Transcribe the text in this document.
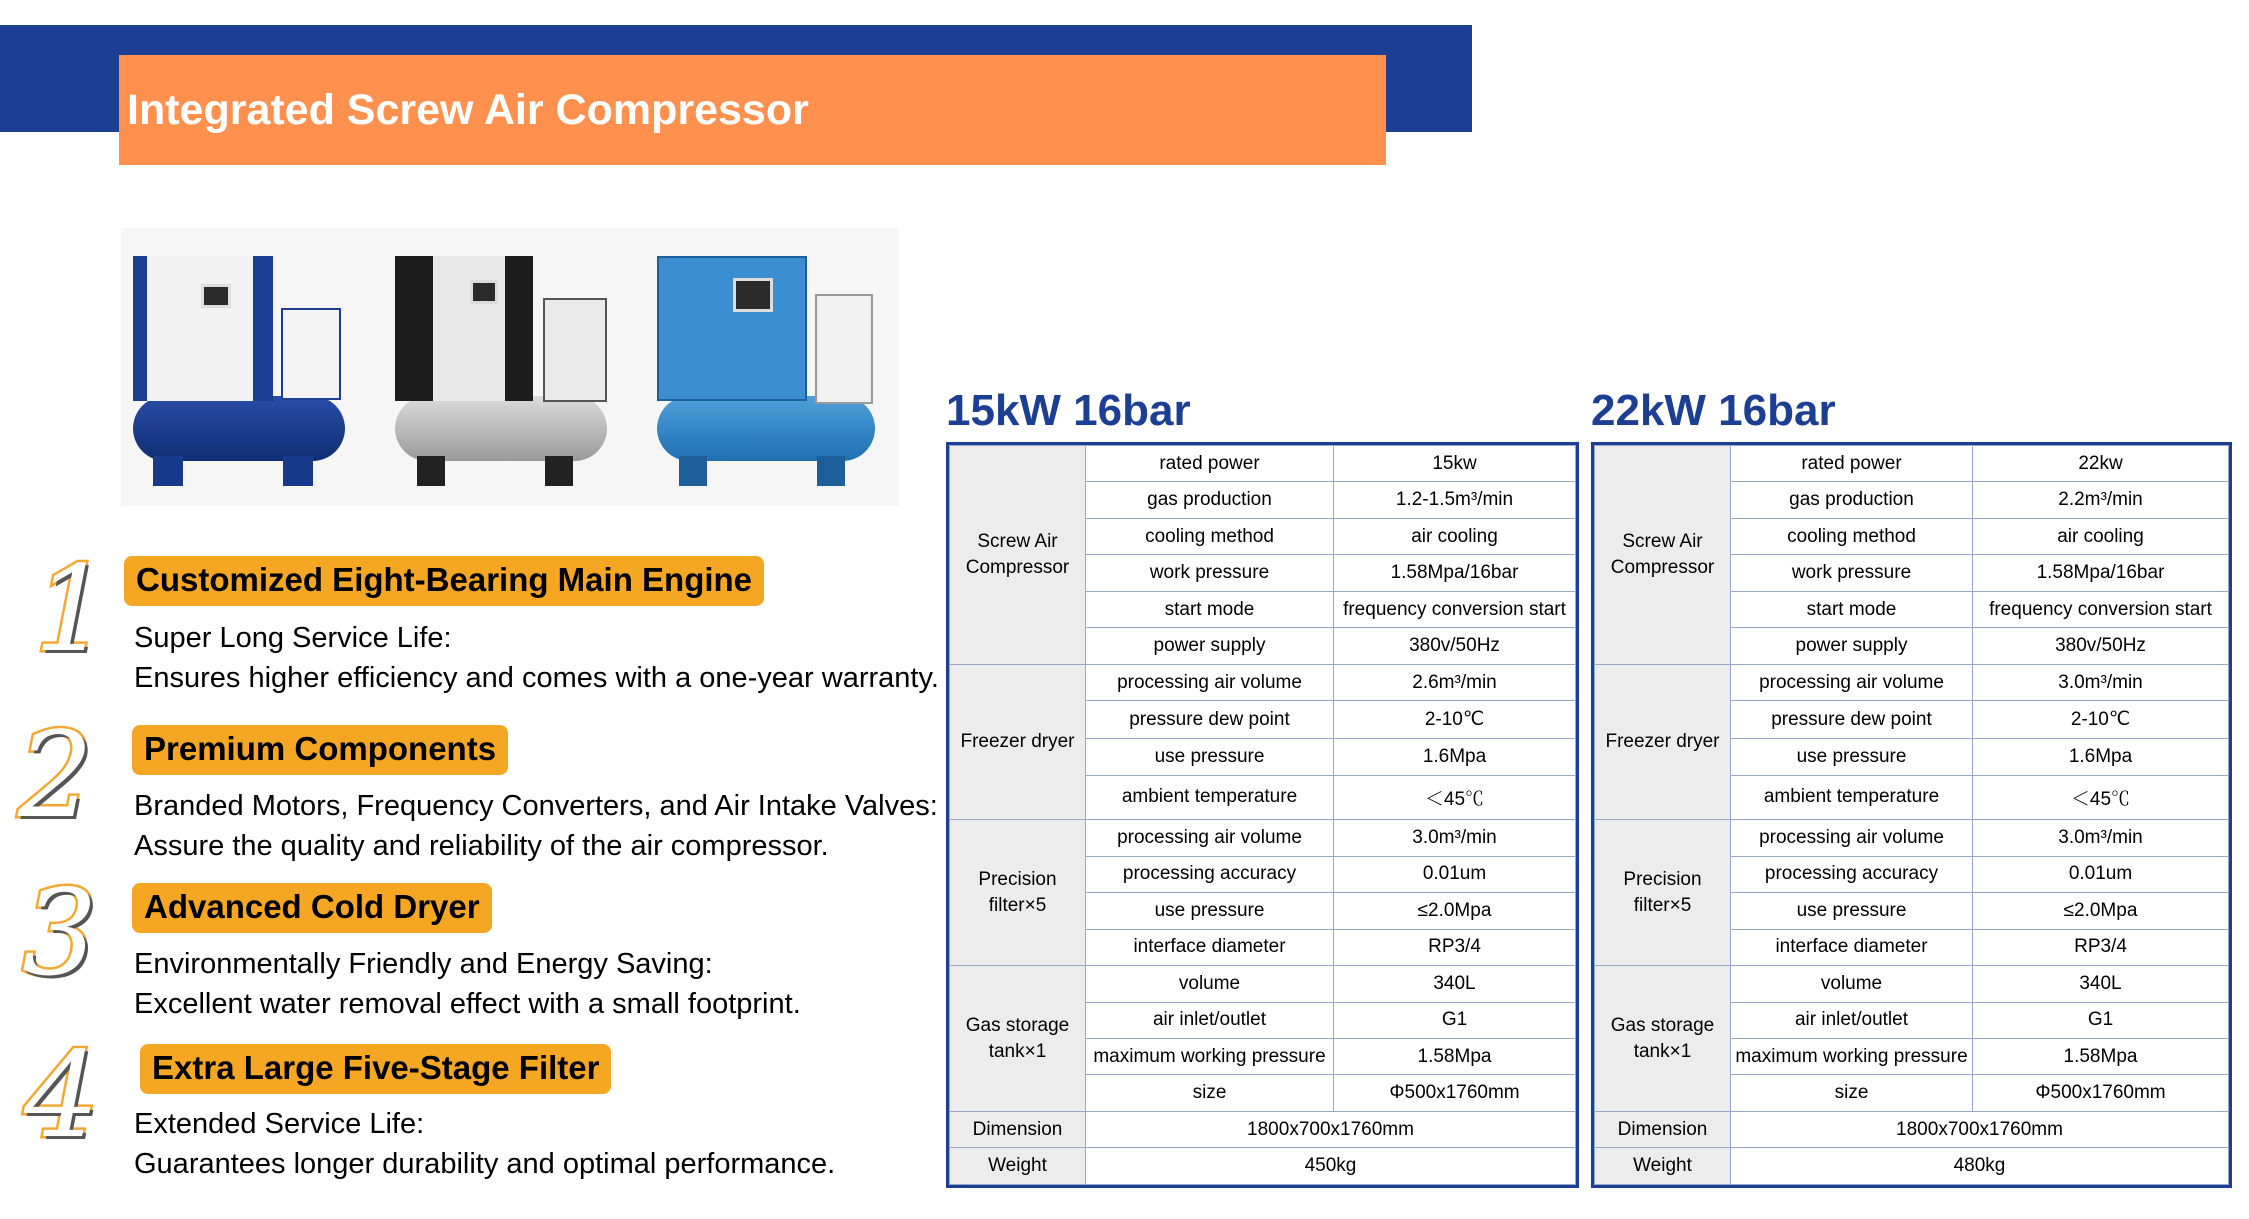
Integrated Screw Air Compressor
1 Customized Eight-Bearing Main Engine
Super Long Service Life:
Ensures higher efficiency and comes with a one-year warranty.
2	Premium Components
Branded Motors, Frequency Converters, and Air Intake Valves:
Assure the quality and reliability of the air compressor.
3	Advanced Cold Dryer
Environmentally Friendly and Energy Saving:
Excellent water removal effect with a small footprint.
4	Extra Large Five-Stage Filter
Extended Service Life:
Guarantees longer durability and optimal performance.
15kW 16bar
Screw Air Compressor	rated power	15kw
	gas production	1.2-1.5m³/min
	cooling method	air cooling
	work pressure	1.58Mpa/16bar
	start mode	frequency conversion start
	power supply	380v/50Hz
Freezer dryer	processing air volume	2.6m³/min
	pressure dew point	2-10℃
	use pressure	1.6Mpa
	ambient temperature	＜45℃
Precision filter×5	processing air volume	3.0m³/min
	processing accuracy	0.01um
	use pressure	≤2.0Mpa
	interface diameter	RP3/4
Gas storage tank×1	volume	340L
	air inlet/outlet	G1
	maximum working pressure	1.58Mpa
	size	Φ500x1760mm
Dimension	1800x700x1760mm	
Weight	450kg	
22kW 16bar
Screw Air Compressor	rated power	22kw
	gas production	2.2m³/min
	cooling method	air cooling
	work pressure	1.58Mpa/16bar
	start mode	frequency conversion start
	power supply	380v/50Hz
Freezer dryer	processing air volume	3.0m³/min
	pressure dew point	2-10℃
	use pressure	1.6Mpa
	ambient temperature	＜45℃
Precision filter×5	processing air volume	3.0m³/min
	processing accuracy	0.01um
	use pressure	≤2.0Mpa
	interface diameter	RP3/4
Gas storage tank×1	volume	340L
	air inlet/outlet	G1
	maximum working pressure	1.58Mpa
	size	Φ500x1760mm
Dimension	1800x700x1760mm	
Weight	480kg	
